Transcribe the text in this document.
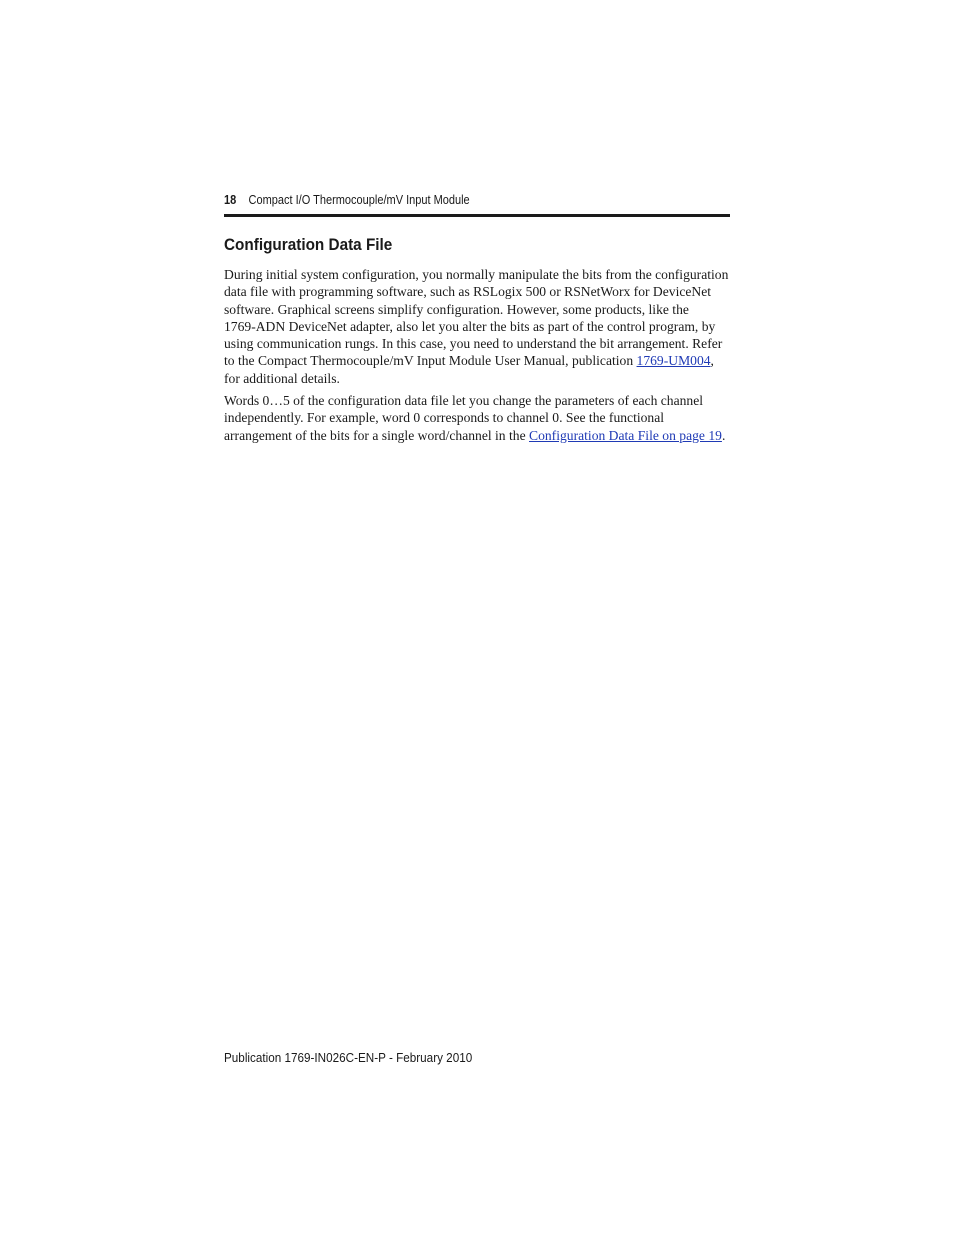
18 Compact I/O Thermocouple/mV Input Module
Configuration Data File

During initial system configuration, you normally manipulate the bits from the configuration
data file with programming software, such as RSLogix 500 or RSNetWorx for DeviceNet
software. Graphical screens simplify configuration. However, some products, like the
1769-ADN DeviceNet adapter, also let you alter the bits as part of the control program, by
using communication rungs. In this case, you need to understand the bit arrangement. Refer
to the Compact Thermocouple/mV Input Module User Manual, publication 1769-UM004,
for additional details.

Words 0…5 of the configuration data file let you change the parameters of each channel
independently. For example, word 0 corresponds to channel 0. See the functional
arrangement of the bits for a single word/channel in the Configuration Data File on page 19.

Publication 1769-IN026C-EN-P - February 2010
